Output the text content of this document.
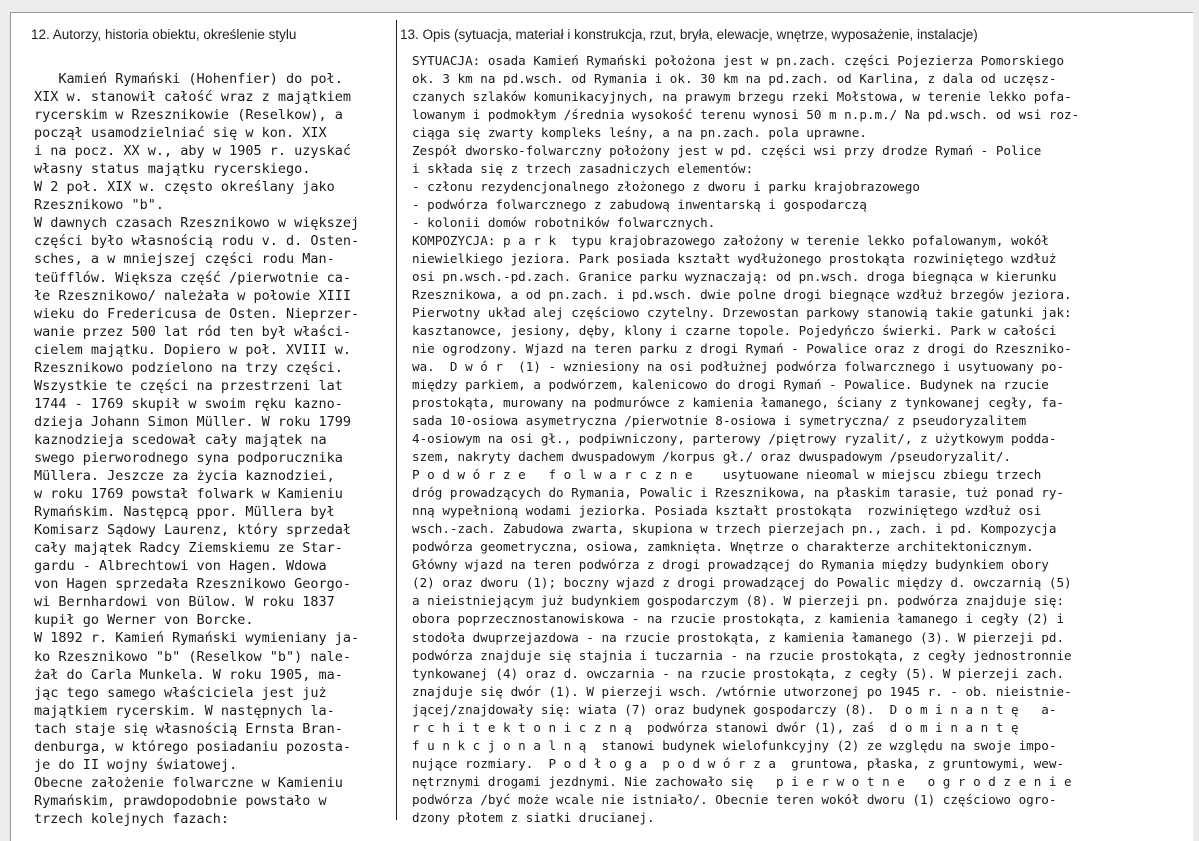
12. Autorzy, historia obiektu, określenie stylu	13. Opis (sytuacja, materiał i konstrukcja, rzut, bryła, elewacje, wnętrze, wyposażenie, instalacje)
Kamień Rymański (Hohenfier) do poł.
XIX w. stanowił całość wraz z majątkiem
rycerskim w Rzesznikowie (Reselkow), a
począł usamodzielniać się w kon. XIX
i na pocz. XX w., aby w 1905 r. uzyskać
własny status majątku rycerskiego.
W 2 poł. XIX w. często określany jako
Rzesznikowo "b".
W dawnych czasach Rzesznikowo w większej
części było własnością rodu v. d. Osten-
sches, a w mniejszej części rodu Man-
teüfflów. Większa część /pierwotnie ca-
łe Rzesznikowo/ należała w połowie XIII
wieku do Fredericusa de Osten. Nieprzer-
wanie przez 500 lat ród ten był właści-
cielem majątku. Dopiero w poł. XVIII w.
Rzesznikowo podzielono na trzy części.
Wszystkie te części na przestrzeni lat
1744 - 1769 skupił w swoim ręku kazno-
dzieja Johann Simon Müller. W roku 1799
kaznodzieja scedował cały majątek na
swego pierworodnego syna podporucznika
Müllera. Jeszcze za życia kaznodziei,
w roku 1769 powstał folwark w Kamieniu
Rymańskim. Następcą ppor. Müllera był
Komisarz Sądowy Laurenz, który sprzedał
cały majątek Radcy Ziemskiemu ze Star-
gardu - Albrechtowi von Hagen. Wdowa
von Hagen sprzedała Rzesznikowo Georgo-
wi Bernhardowi von Bülow. W roku 1837
kupił go Werner von Borcke.
W 1892 r. Kamień Rymański wymieniany ja-
ko Rzesznikowo "b" (Reselkow "b") nale-
żał do Carla Munkela. W roku 1905, ma-
jąc tego samego właściciela jest już
majątkiem rycerskim. W następnych la-
tach staje się własnością Ernsta Bran-
denburga, w którego posiadaniu pozosta-
je do II wojny światowej.
Obecne założenie folwarczne w Kamieniu
Rymańskim, prawdopodobnie powstało w
trzech kolejnych fazach:
SYTUACJA: osada Kamień Rymański położona jest w pn.zach. części Pojezierza Pomorskiego
ok. 3 km na pd.wsch. od Rymania i ok. 30 km na pd.zach. od Karlina, z dala od uczęsz-
czanych szlaków komunikacyjnych, na prawym brzegu rzeki Mołstowa, w terenie lekko pofa-
lowanym i podmokłym /średnia wysokość terenu wynosi 50 m n.p.m./ Na pd.wsch. od wsi roz-
ciąga się zwarty kompleks leśny, a na pn.zach. pola uprawne.
Zespół dworsko-folwarczny położony jest w pd. części wsi przy drodze Rymań - Police
i składa się z trzech zasadniczych elementów:
- członu rezydencjonalnego złożonego z dworu i parku krajobrazowego
- podwórza folwarcznego z zabudową inwentarską i gospodarczą
- kolonii domów robotników folwarcznych.
KOMPOZYCJA: p a r k  typu krajobrazowego założony w terenie lekko pofalowanym, wokół
niewielkiego jeziora. Park posiada kształt wydłużonego prostokąta rozwiniętego wzdłuż
osi pn.wsch.-pd.zach. Granice parku wyznaczają: od pn.wsch. droga biegnąca w kierunku
Rzesznikowa, a od pn.zach. i pd.wsch. dwie polne drogi biegnące wzdłuż brzegów jeziora.
Pierwotny układ alej częściowo czytelny. Drzewostan parkowy stanowią takie gatunki jak:
kasztanowce, jesiony, dęby, klony i czarne topole. Pojedyńczo świerki. Park w całości
nie ogrodzony. Wjazd na teren parku z drogi Rymań - Powalice oraz z drogi do Rzeszniko-
wa.  D w ó r  (1) - wzniesiony na osi podłużnej podwórza folwarcznego i usytuowany po-
między parkiem, a podwórzem, kalenicowo do drogi Rymań - Powalice. Budynek na rzucie
prostokąta, murowany na podmurówce z kamienia łamanego, ściany z tynkowanej cegły, fa-
sada 10-osiowa asymetryczna /pierwotnie 8-osiowa i symetryczna/ z pseudoryzalitem
4-osiowym na osi gł., podpiwniczony, parterowy /piętrowy ryzalit/, z użytkowym podda-
szem, nakryty dachem dwuspadowym /korpus gł./ oraz dwuspadowym /pseudoryzalit/.
P o d w ó r z e   f o l w a r c z n e    usytuowane nieomal w miejscu zbiegu trzech
dróg prowadzących do Rymania, Powalic i Rzesznikowa, na płaskim tarasie, tuż ponad ry-
nną wypełnioną wodami jeziorka. Posiada kształt prostokąta  rozwiniętego wzdłuż osi
wsch.-zach. Zabudowa zwarta, skupiona w trzech pierzejach pn., zach. i pd. Kompozycja
podwórza geometryczna, osiowa, zamknięta. Wnętrze o charakterze architektonicznym.
Główny wjazd na teren podwórza z drogi prowadzącej do Rymania między budynkiem obory
(2) oraz dworu (1); boczny wjazd z drogi prowadzącej do Powalic między d. owczarnią (5)
a nieistniejącym już budynkiem gospodarczym (8). W pierzeji pn. podwórza znajduje się:
obora poprzecznostanowiskowa - na rzucie prostokąta, z kamienia łamanego i cegły (2) i
stodoła dwuprzejazdowa - na rzucie prostokąta, z kamienia łamanego (3). W pierzeji pd.
podwórza znajduje się stajnia i tuczarnia - na rzucie prostokąta, z cegły jednostronnie
tynkowanej (4) oraz d. owczarnia - na rzucie prostokąta, z cegły (5). W pierzeji zach.
znajduje się dwór (1). W pierzeji wsch. /wtórnie utworzonej po 1945 r. - ob. nieistnie-
jącej/znajdowały się: wiata (7) oraz budynek gospodarczy (8).  D o m i n a n t ę   a-
r c h i t e k t o n i c z n ą  podwórza stanowi dwór (1), zaś  d o m i n a n t ę
f u n k c j o n a l n ą  stanowi budynek wielofunkcyjny (2) ze względu na swoje impo-
nujące rozmiary.  P o d ł o g a  p o d w ó r z a  gruntowa, płaska, z gruntowymi, wew-
nętrznymi drogami jezdnymi. Nie zachowało się   p i e r w o t n e   o g r o d z e n i e
podwórza /być może wcale nie istniało/. Obecnie teren wokół dworu (1) częściowo ogro-
dzony płotem z siatki drucianej.
